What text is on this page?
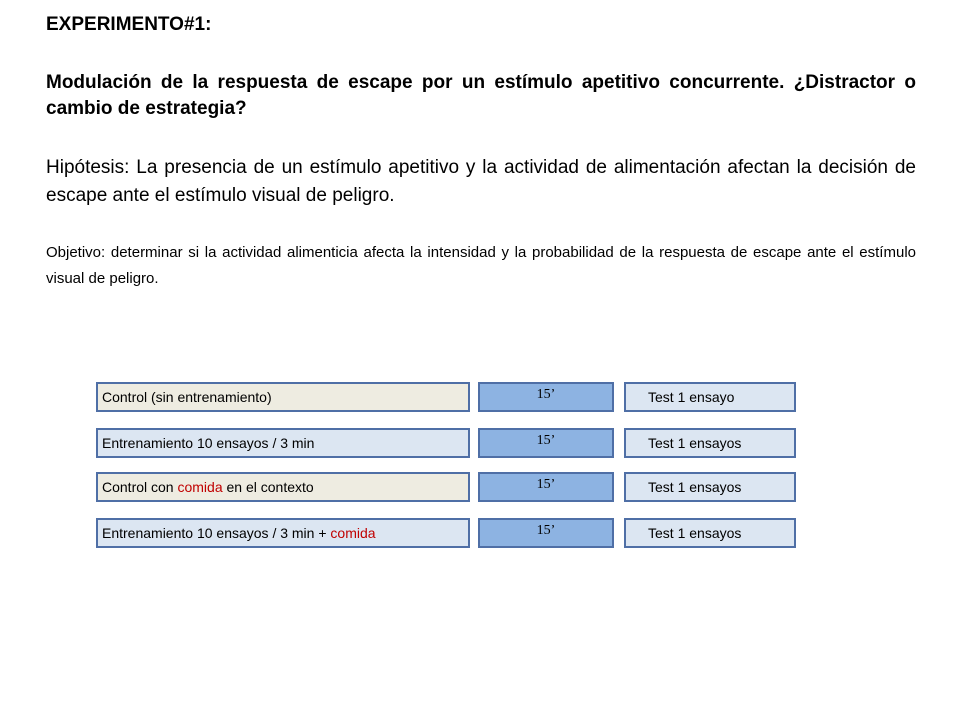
EXPERIMENTO#1:
Modulación de la respuesta de escape por un estímulo apetitivo concurrente. ¿Distractor o cambio de estrategia?
Hipótesis: La presencia de un estímulo apetitivo y la actividad de alimentación afectan la decisión de escape ante el estímulo visual de peligro.
Objetivo: determinar si la actividad alimenticia afecta la intensidad y la probabilidad de la respuesta de escape ante el estímulo visual de peligro.
Control (sin entrenamiento)	15’	Test 1 ensayo
Entrenamiento 10 ensayos / 3 min	15’	Test 1 ensayos
Control con comida en el contexto	15’	Test 1 ensayos
Entrenamiento 10 ensayos / 3 min + comida	15’	Test 1 ensayos
